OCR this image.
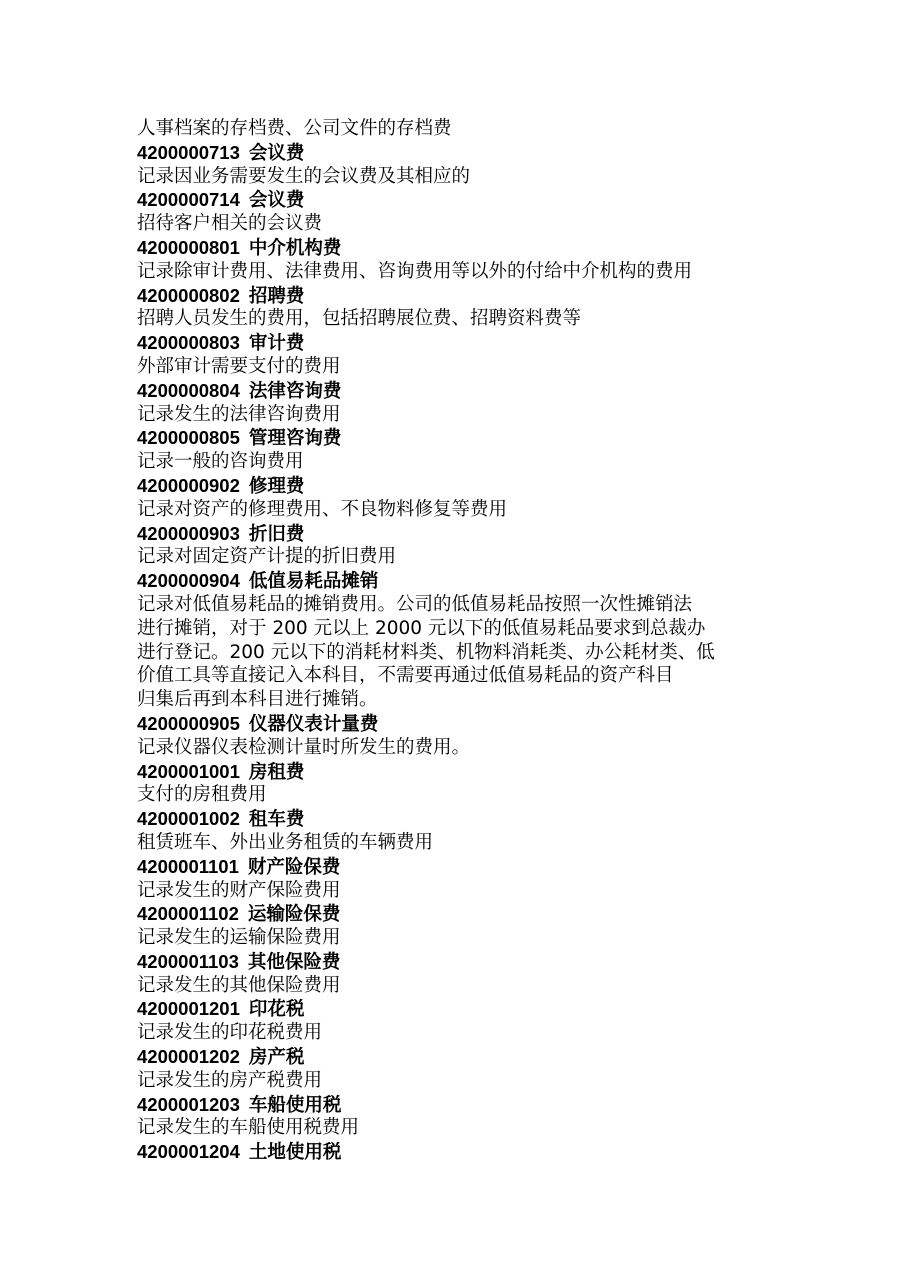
人事档案的存档费、公司文件的存档费
4200000713 会议费
记录因业务需要发生的会议费及其相应的
4200000714 会议费
招待客户相关的会议费
4200000801 中介机构费
记录除审计费用、法律费用、咨询费用等以外的付给中介机构的费用
4200000802 招聘费
招聘人员发生的费用，包括招聘展位费、招聘资料费等
4200000803 审计费
外部审计需要支付的费用
4200000804 法律咨询费
记录发生的法律咨询费用
4200000805 管理咨询费
记录一般的咨询费用
4200000902 修理费
记录对资产的修理费用、不良物料修复等费用
4200000903 折旧费
记录对固定资产计提的折旧费用
4200000904 低值易耗品摊销
记录对低值易耗品的摊销费用。公司的低值易耗品按照一次性摊销法
进行摊销，对于 200 元以上 2000 元以下的低值易耗品要求到总裁办
进行登记。200 元以下的消耗材料类、机物料消耗类、办公耗材类、低
价值工具等直接记入本科目，不需要再通过低值易耗品的资产科目
归集后再到本科目进行摊销。
4200000905 仪器仪表计量费
记录仪器仪表检测计量时所发生的费用。
4200001001 房租费
支付的房租费用
4200001002 租车费
租赁班车、外出业务租赁的车辆费用
4200001101 财产险保费
记录发生的财产保险费用
4200001102 运输险保费
记录发生的运输保险费用
4200001103 其他保险费
记录发生的其他保险费用
4200001201 印花税
记录发生的印花税费用
4200001202 房产税
记录发生的房产税费用
4200001203 车船使用税
记录发生的车船使用税费用
4200001204 土地使用税
